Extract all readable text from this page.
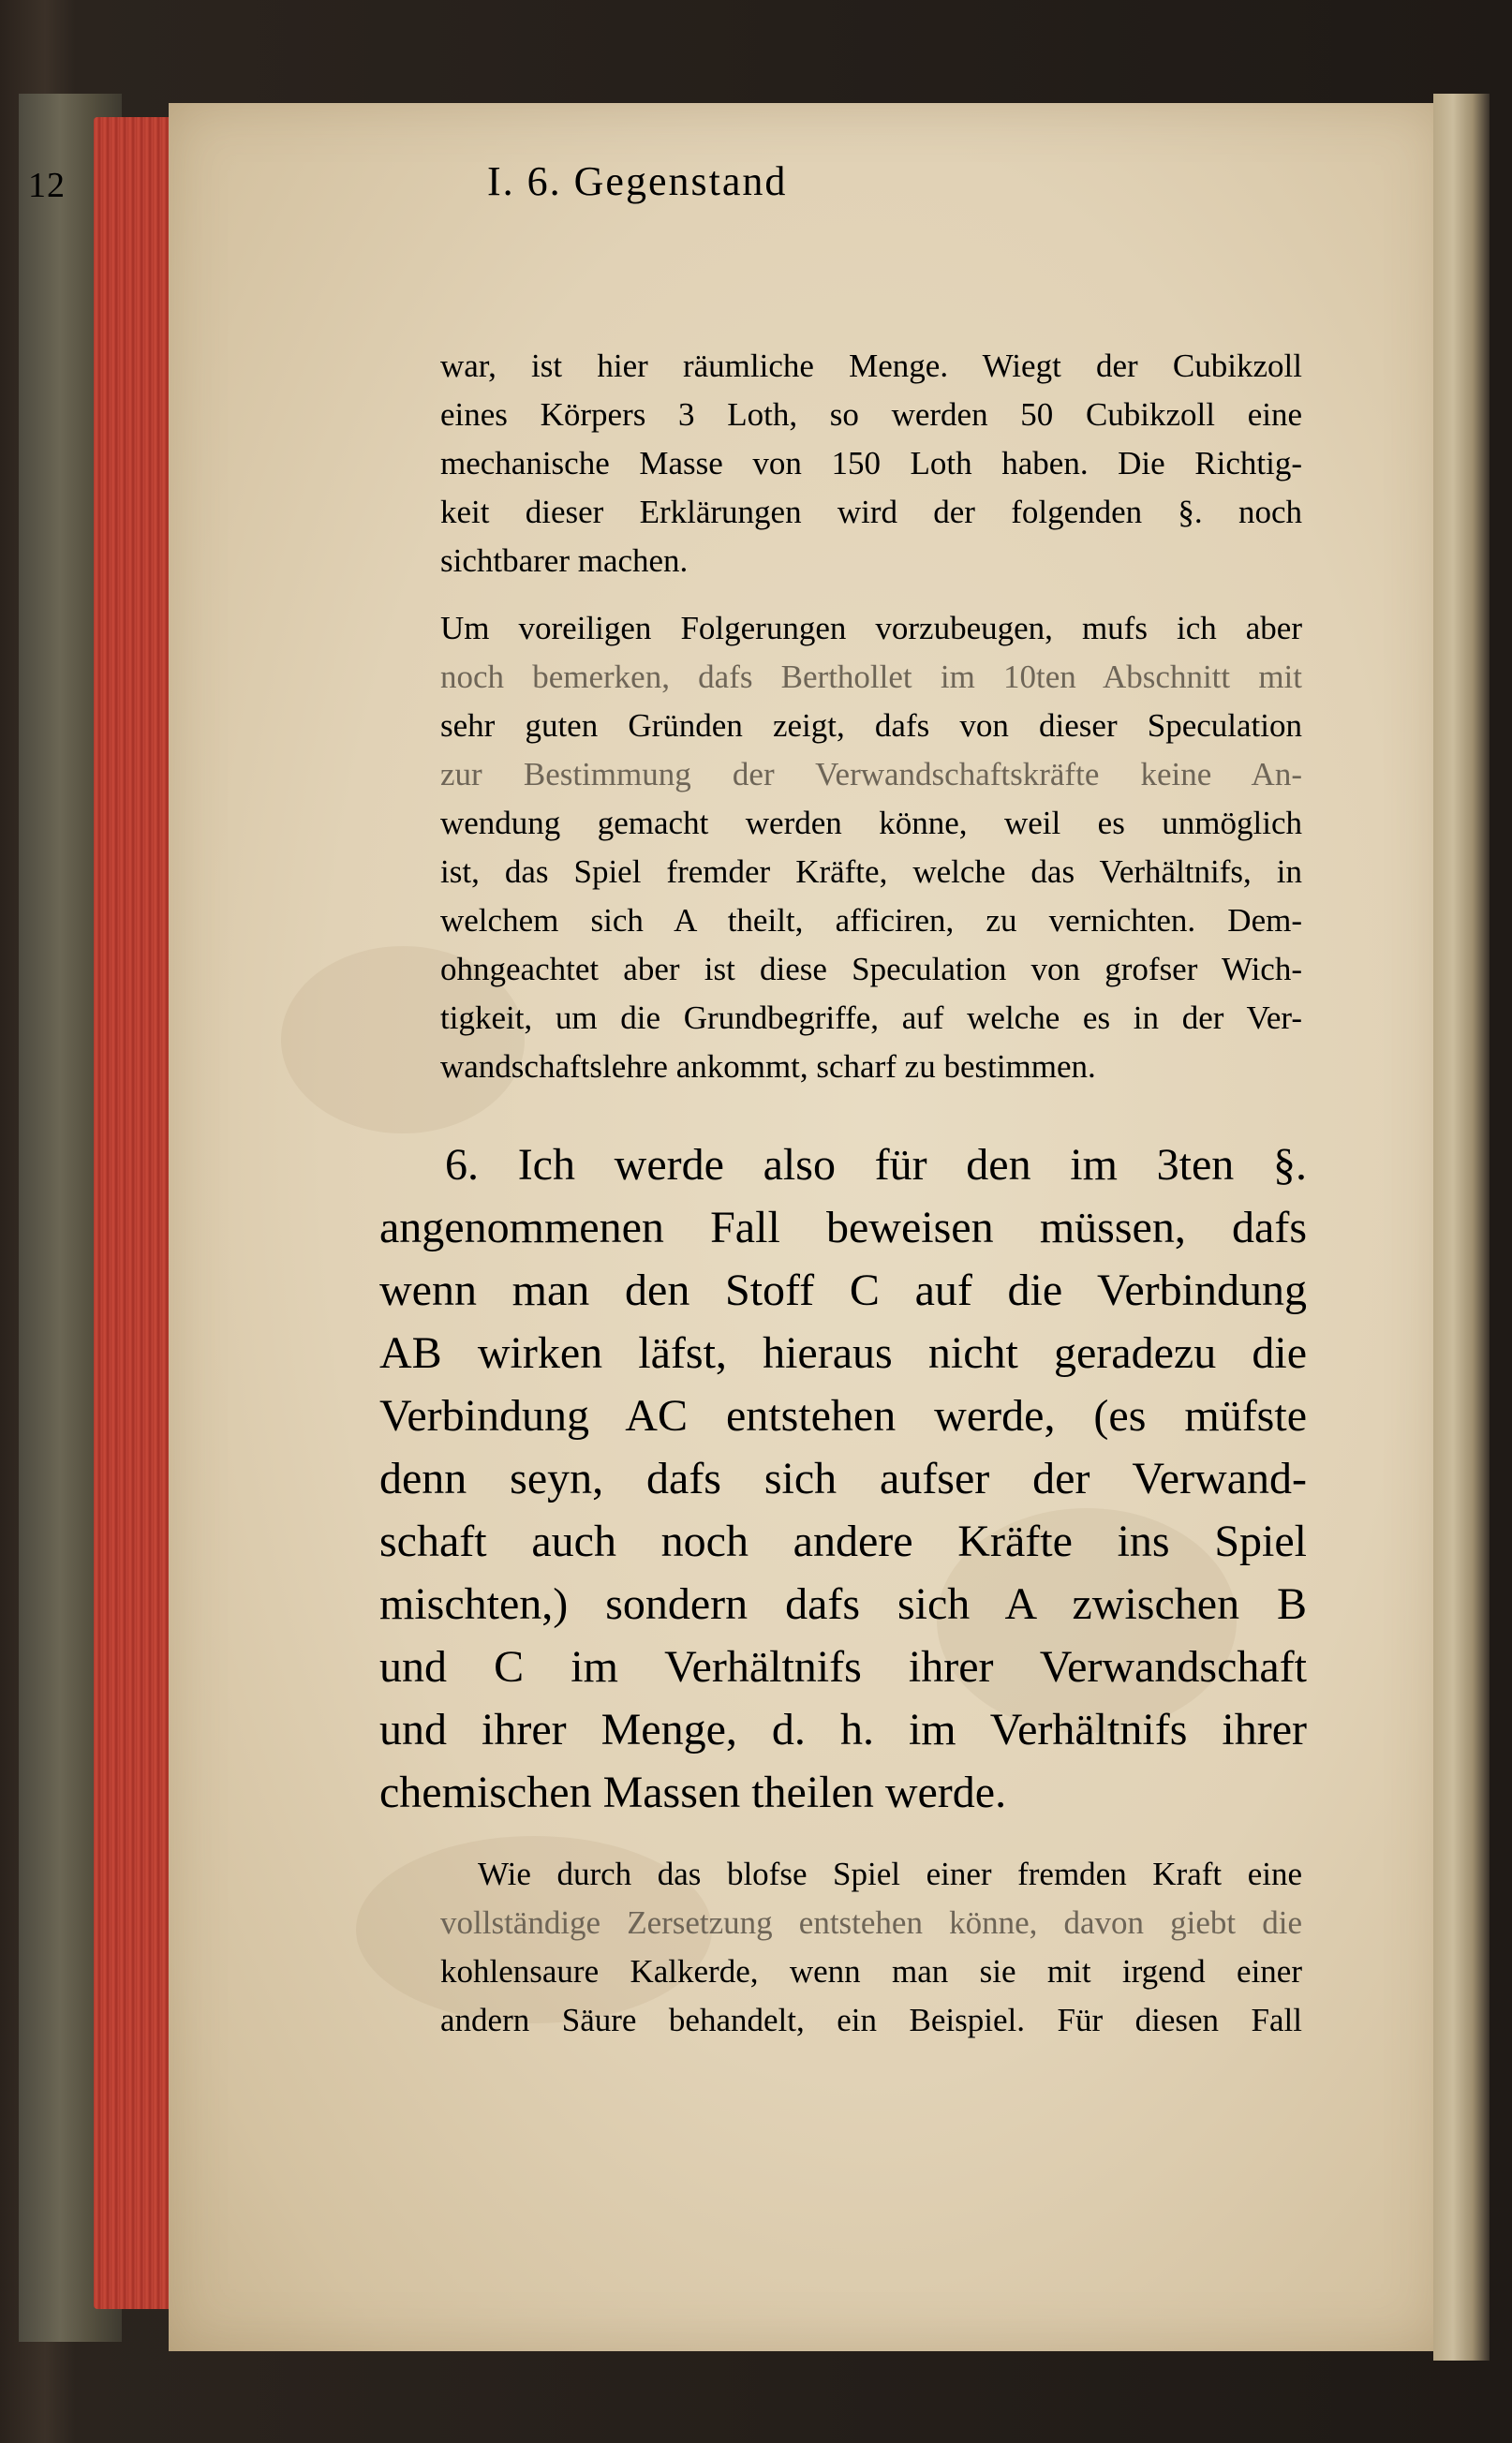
12	I. 6. Gegenstand
war, ist hier räumliche Menge. Wiegt der Cubikzoll
eines Körpers 3 Loth, so werden 50 Cubikzoll eine
mechanische Masse von 150 Loth haben. Die Richtig-
keit dieser Erklärungen wird der folgenden §. noch
sichtbarer machen.
Um voreiligen Folgerungen vorzubeugen, mufs ich aber
noch bemerken, dafs Berthollet im 10ten Abschnitt mit
sehr guten Gründen zeigt, dafs von dieser Speculation
zur Bestimmung der Verwandschaftskräfte keine An-
wendung gemacht werden könne, weil es unmöglich
ist, das Spiel fremder Kräfte, welche das Verhältnifs, in
welchem sich A theilt, afficiren, zu vernichten. Dem-
ohngeachtet aber ist diese Speculation von grofser Wich-
tigkeit, um die Grundbegriffe, auf welche es in der Ver-
wandschaftslehre ankommt, scharf zu bestimmen.
6. Ich werde also für den im 3ten §.
angenommenen Fall beweisen müssen, dafs
wenn man den Stoff C auf die Verbindung
AB wirken läfst, hieraus nicht geradezu die
Verbindung AC entstehen werde, (es müfste
denn seyn, dafs sich aufser der Verwand-
schaft auch noch andere Kräfte ins Spiel
mischten,) sondern dafs sich A zwischen B
und C im Verhältnifs ihrer Verwandschaft
und ihrer Menge, d. h. im Verhältnifs ihrer
chemischen Massen theilen werde.
Wie durch das blofse Spiel einer fremden Kraft eine
vollständige Zersetzung entstehen könne, davon giebt die
kohlensaure Kalkerde, wenn man sie mit irgend einer
andern Säure behandelt, ein Beispiel. Für diesen Fall
